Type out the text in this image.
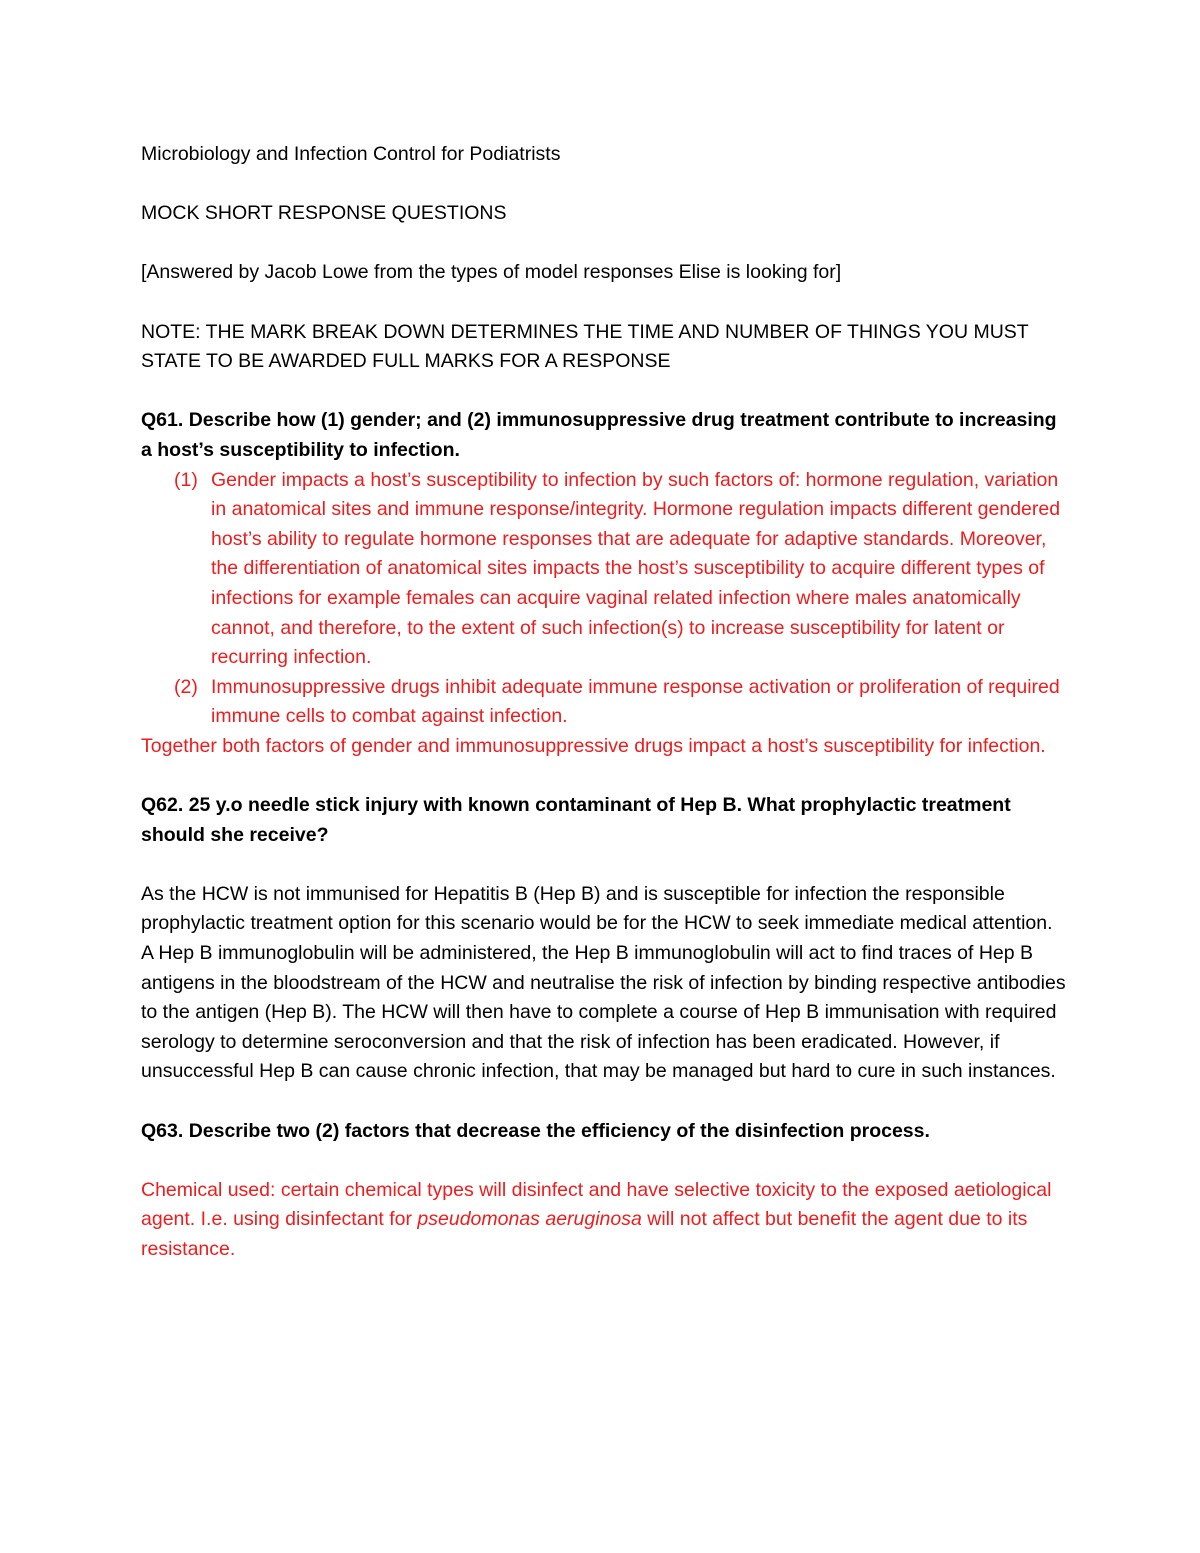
Microbiology and Infection Control for Podiatrists

MOCK SHORT RESPONSE QUESTIONS

[Answered by Jacob Lowe from the types of model responses Elise is looking for]

NOTE: THE MARK BREAK DOWN DETERMINES THE TIME AND NUMBER OF THINGS YOU MUST STATE TO BE AWARDED FULL MARKS FOR A RESPONSE

Q61. Describe how (1) gender; and (2) immunosuppressive drug treatment contribute to increasing a host’s susceptibility to infection.

(1) Gender impacts a host’s susceptibility to infection by such factors of: hormone regulation, variation in anatomical sites and immune response/integrity. Hormone regulation impacts different gendered host’s ability to regulate hormone responses that are adequate for adaptive standards. Moreover, the differentiation of anatomical sites impacts the host’s susceptibility to acquire different types of infections for example females can acquire vaginal related infection where males anatomically cannot, and therefore, to the extent of such infection(s) to increase susceptibility for latent or recurring infection.
(2) Immunosuppressive drugs inhibit adequate immune response activation or proliferation of required immune cells to combat against infection.

Together both factors of gender and immunosuppressive drugs impact a host’s susceptibility for infection.

Q62. 25 y.o needle stick injury with known contaminant of Hep B. What prophylactic treatment should she receive?

As the HCW is not immunised for Hepatitis B (Hep B) and is susceptible for infection the responsible prophylactic treatment option for this scenario would be for the HCW to seek immediate medical attention. A Hep B immunoglobulin will be administered, the Hep B immunoglobulin will act to find traces of Hep B antigens in the bloodstream of the HCW and neutralise the risk of infection by binding respective antibodies to the antigen (Hep B). The HCW will then have to complete a course of Hep B immunisation with required serology to determine seroconversion and that the risk of infection has been eradicated. However, if unsuccessful Hep B can cause chronic infection, that may be managed but hard to cure in such instances.

Q63. Describe two (2) factors that decrease the efficiency of the disinfection process.

Chemical used: certain chemical types will disinfect and have selective toxicity to the exposed aetiological agent. I.e. using disinfectant for pseudomonas aeruginosa will not affect but benefit the agent due to its resistance.
